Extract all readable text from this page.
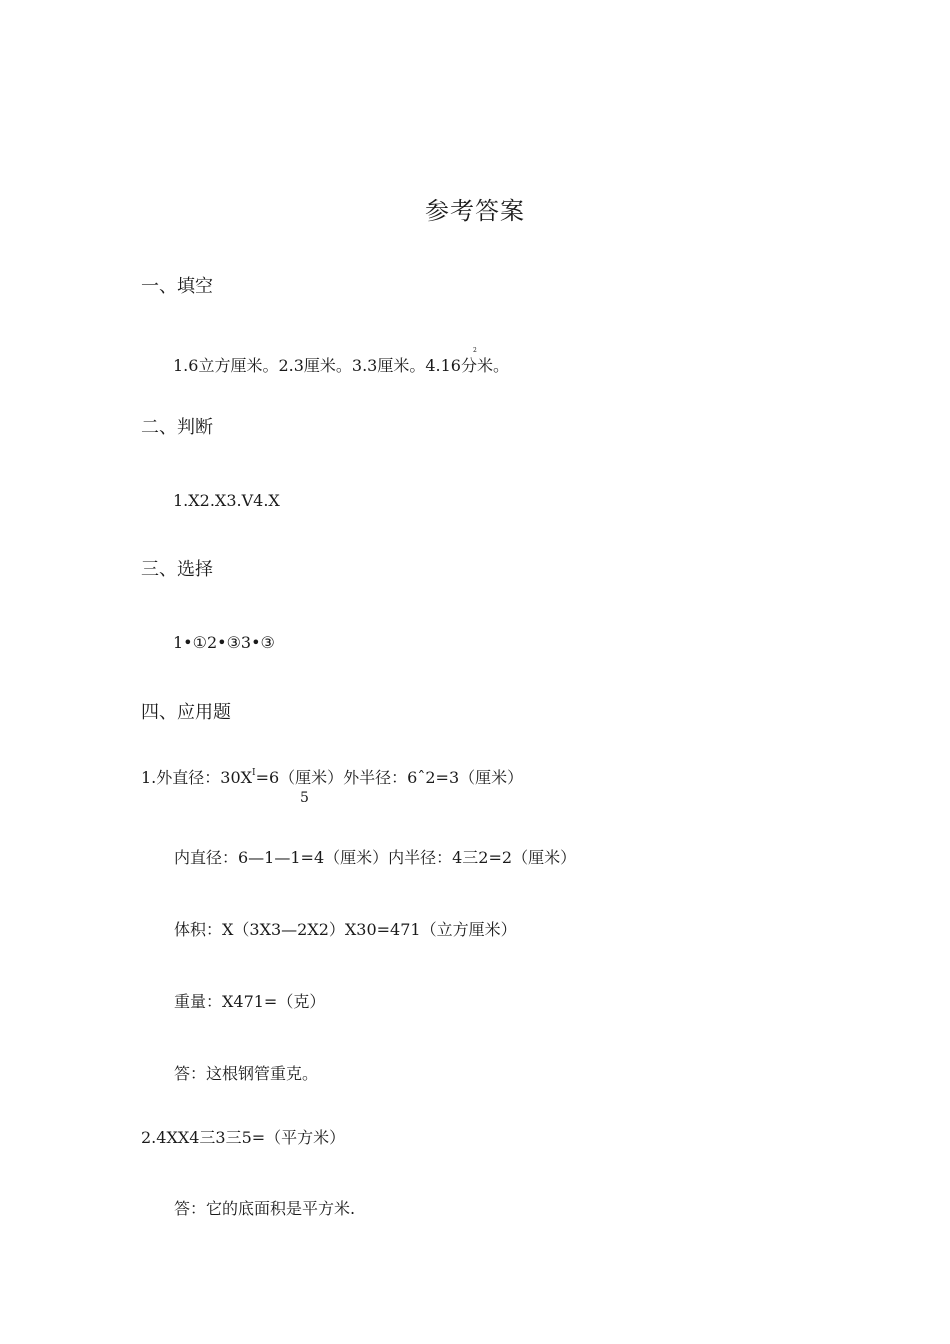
参考答案
一、填空
2
1.6立方厘米。2.3厘米。3.3厘米。4.16分米。
二、判断
1.X2.X3.V4.X
三、选择
1•①2•③3•③
四、应用题
1.外直径：$30X^I=6$（厘米）外半径：6ˆ2=3（厘米）
5
内直径：6—1—1=4（厘米）内半径：4三2=2（厘米）
体积：X（3X3—2X2）X30=471（立方厘米）
重量：X471=（克）
答：这根钢管重克。
2.4XX4三3三5=（平方米）
答：它的底面积是平方米.
